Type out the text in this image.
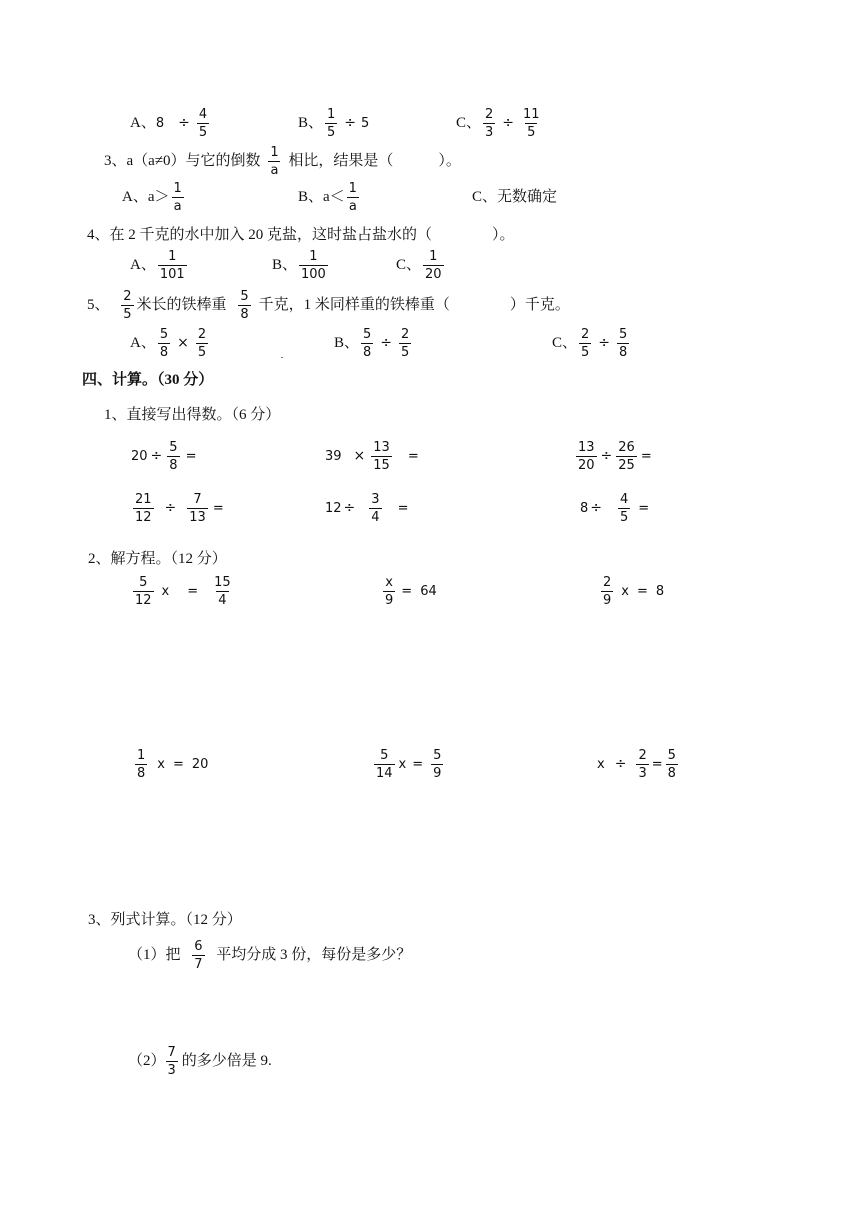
A、$8 \div \frac{4}{5}$	B、 $\frac{1}{5} \div 5$	C、 $\frac{2}{3} \div \frac{11}{5}$
3、a（a≠0）与它的倒数 $\frac{1}{a}$ 相比，结果是（　　　）。
A、$a> \frac{1}{a}$	B、$a< \frac{1}{a}$	C、无数确定
4、在 2 千克的水中加入 20 克盐，这时盐占盐水的（　　　　）。
A、 $\frac{1}{101}$	B、 $\frac{1}{100}$	C、 $\frac{1}{20}$
5、 $\frac{2}{5}$ 米长的铁棒重 $\frac{5}{8}$ 千克，1 米同样重的铁棒重（　　　　）千克。
A、 $\frac{5}{8} \times \frac{2}{5}$	B、 $\frac{5}{8} \div \frac{2}{5}$	C、 $\frac{2}{5} \div \frac{5}{8}$
四、计算。（30 分）
1、直接写出得数。（6 分）
$20 \div \frac{5}{8}$ =	$39 \times \frac{13}{15}$ =	$\frac{13}{20} \div \frac{26}{25}$ =
$\frac{21}{12} \div \frac{7}{13}$ =	$12 \div \frac{3}{4}$ =	$8 \div \frac{4}{5}$ =
2、解方程。（12 分）
$\frac{5}{12}$ $x = \frac{15}{4}$	$\frac{x}{9} = 64$	$\frac{2}{9}$ x = 8
$\frac{1}{8}$ x = 20	$\frac{5}{14}$ $x = \frac{5}{9}$	$x \div \frac{2}{3} = \frac{5}{8}$
3、列式计算。（12 分）
（1）把 $\frac{6}{7}$ 平均分成 3 份，每份是多少？
$(2) \frac{7}{3}$ 的多少倍是 9.
